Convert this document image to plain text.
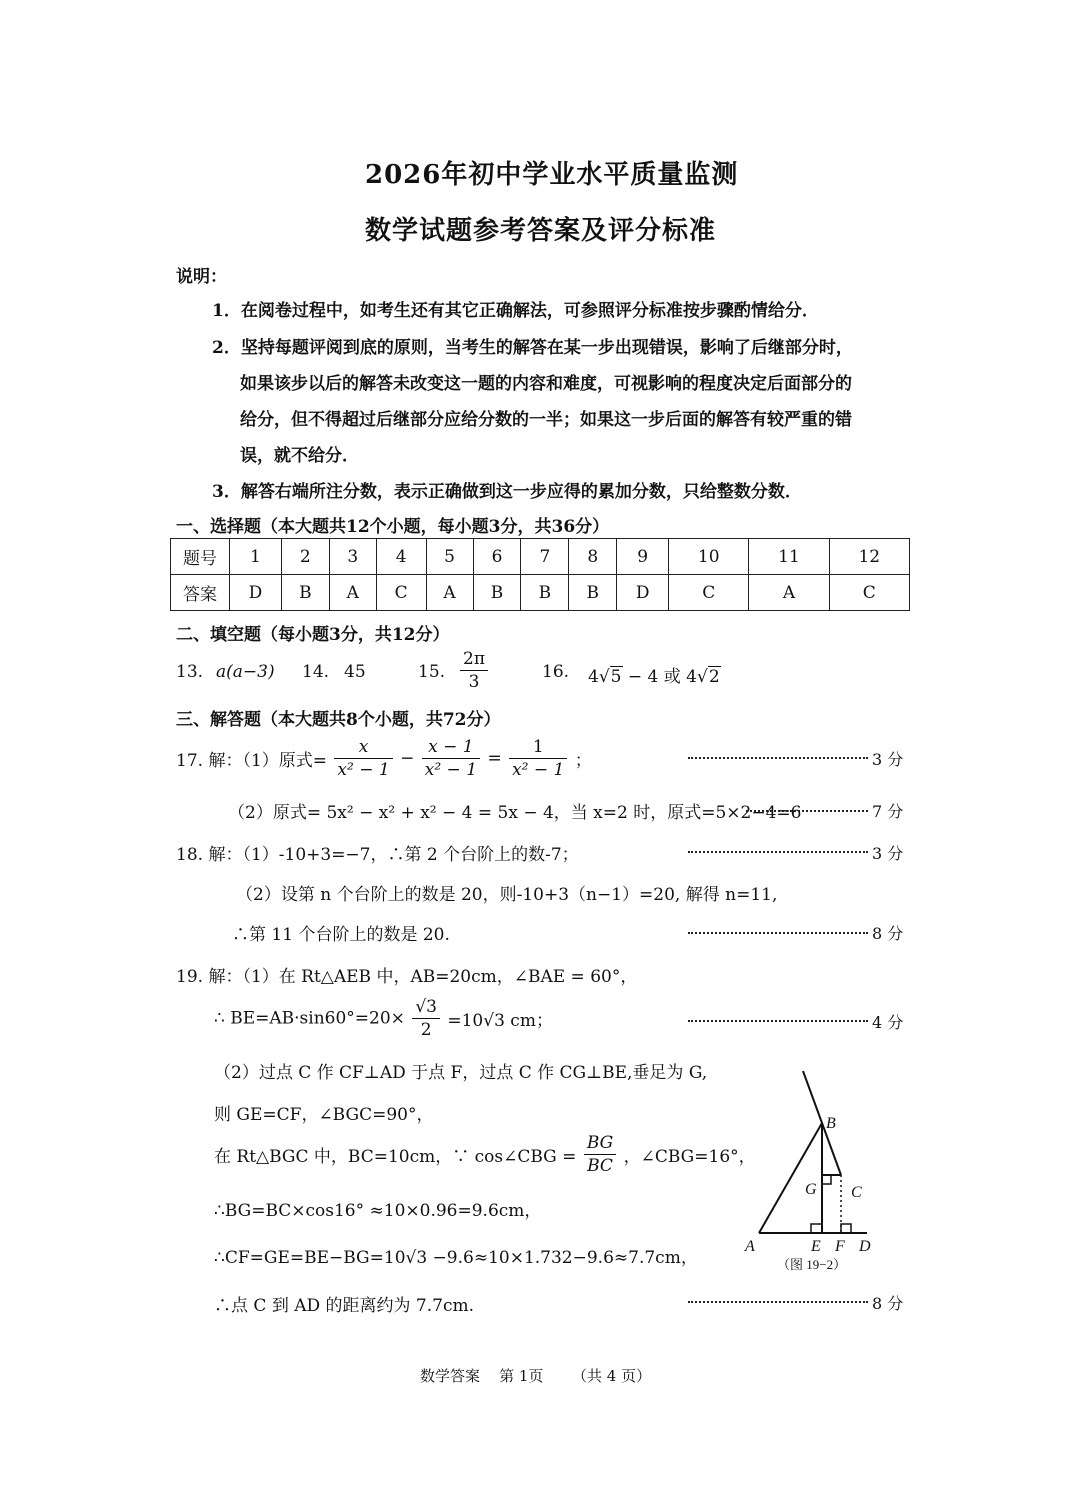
2026年初中学业水平质量监测
数学试题参考答案及评分标准
说明：
1．在阅卷过程中，如考生还有其它正确解法，可参照评分标准按步骤酌情给分．
2．坚持每题评阅到底的原则，当考生的解答在某一步出现错误，影响了后继部分时，
如果该步以后的解答未改变这一题的内容和难度，可视影响的程度决定后面部分的
给分，但不得超过后继部分应给分数的一半；如果这一步后面的解答有较严重的错
误，就不给分．
3．解答右端所注分数，表示正确做到这一步应得的累加分数，只给整数分数．
一、选择题（本大题共12个小题，每小题3分，共36分）
题号	1	2	3	4	5	6	7	8	9	10	11	12
答案	D	B	A	C	A	B	B	B	D	C	A	C
二、填空题（每小题3分，共12分）
13. a(a−3) 14. 45	15. $\frac{2\pi}{3}$	16. 4√5 − 4 或 4√2
三、解答题（本大题共8个小题，共72分）
17. 解：（1）原式= $\frac{x}{\text{x² − 1}} - \frac{x - 1}{\text{x² − 1}} = \frac{1}{\text{x² − 1}}$ ；	3 分
（2）原式= 5x² − x² + x² − 4 = 5x − 4，当 x=2 时，原式=5×2−4=6	7 分
18. 解：（1）-10+3=−7，∴第 2 个台阶上的数-7；	3 分
（2）设第 n 个台阶上的数是 20，则-10+3（n−1）=20, 解得 n=11,
∴第 11 个台阶上的数是 20.	8 分
19. 解：（1）在 Rt△AEB 中，AB=20cm，∠BAE = 60°，
∴ $BE=AB\cdot\sin 60^\circ=20\times \frac{√3}{2} =10√3$ cm；	4 分
（2）过点 C 作 CF⊥AD 于点 F，过点 C 作 CG⊥BE,垂足为 G,
则 GE=CF，∠BGC=90°，
在 Rt△BGC 中，BC=10cm，∵ cos∠CBG = $\frac{BG}{BC}$ ，∠CBG=16°，
∴BG=BC×cos16° ≈10×0.96=9.6cm，
∴CF=GE=BE−BG=10√3 −9.6≈10×1.732−9.6≈7.7cm，
∴点 C 到 AD 的距离约为 7.7cm.	8 分
B
G C
A	E F D
（图 19−2）
数学答案    第 1页      （共 4 页）
